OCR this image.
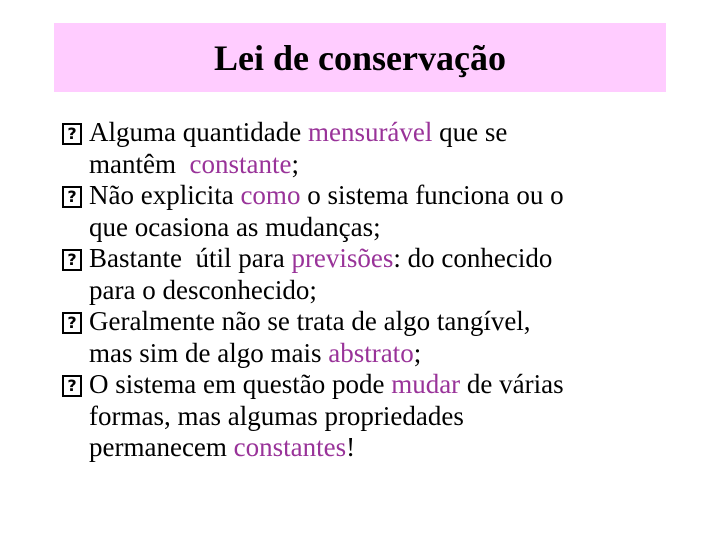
Lei de conservação
? Alguma quantidade mensurável que se
mantêm  constante;
? Não explicita como o sistema funciona ou o
que ocasiona as mudanças;
? Bastante  útil para previsões: do conhecido
para o desconhecido;
? Geralmente não se trata de algo tangível,
mas sim de algo mais abstrato;
? O sistema em questão pode mudar de várias
formas, mas algumas propriedades
permanecem constantes!
